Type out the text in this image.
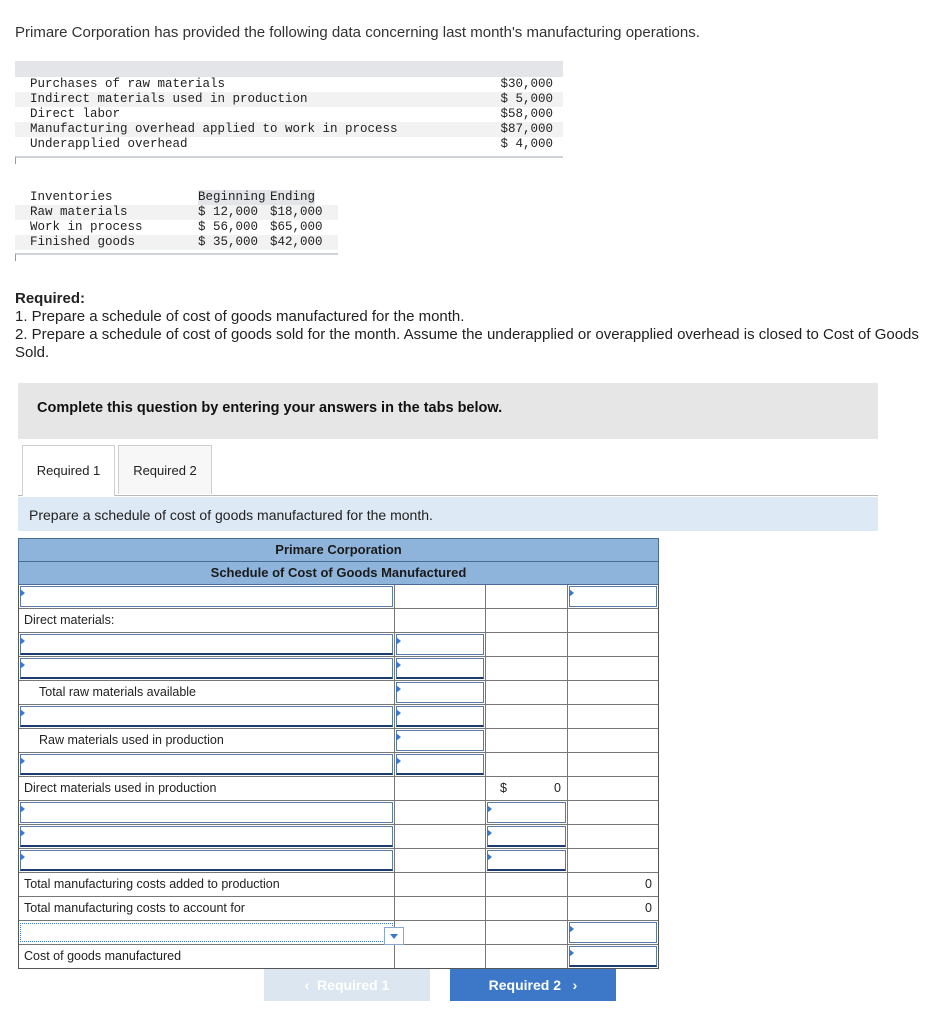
Primare Corporation has provided the following data concerning last month's manufacturing operations.
Purchases of raw materials	$30,000
Indirect materials used in production	$ 5,000
Direct labor	$58,000
Manufacturing overhead applied to work in process	$87,000
Underapplied overhead	$ 4,000
Inventories	Beginning Ending
Raw materials	$ 12,000 $18,000
Work in process	$ 56,000 $65,000
Finished goods	$ 35,000 $42,000
Required:
1. Prepare a schedule of cost of goods manufactured for the month.
2. Prepare a schedule of cost of goods sold for the month. Assume the underapplied or overapplied overhead is closed to Cost of Goods Sold.
Complete this question by entering your answers in the tabs below.
Required 1	Required 2
Prepare a schedule of cost of goods manufactured for the month.
Primare Corporation
Schedule of Cost of Goods Manufactured
Direct materials:
Total raw materials available
Raw materials used in production
Direct materials used in production	$	0
Total manufacturing costs added to production	0
Total manufacturing costs to account for	0
Cost of goods manufactured
‹ Required 1	Required 2 ›
